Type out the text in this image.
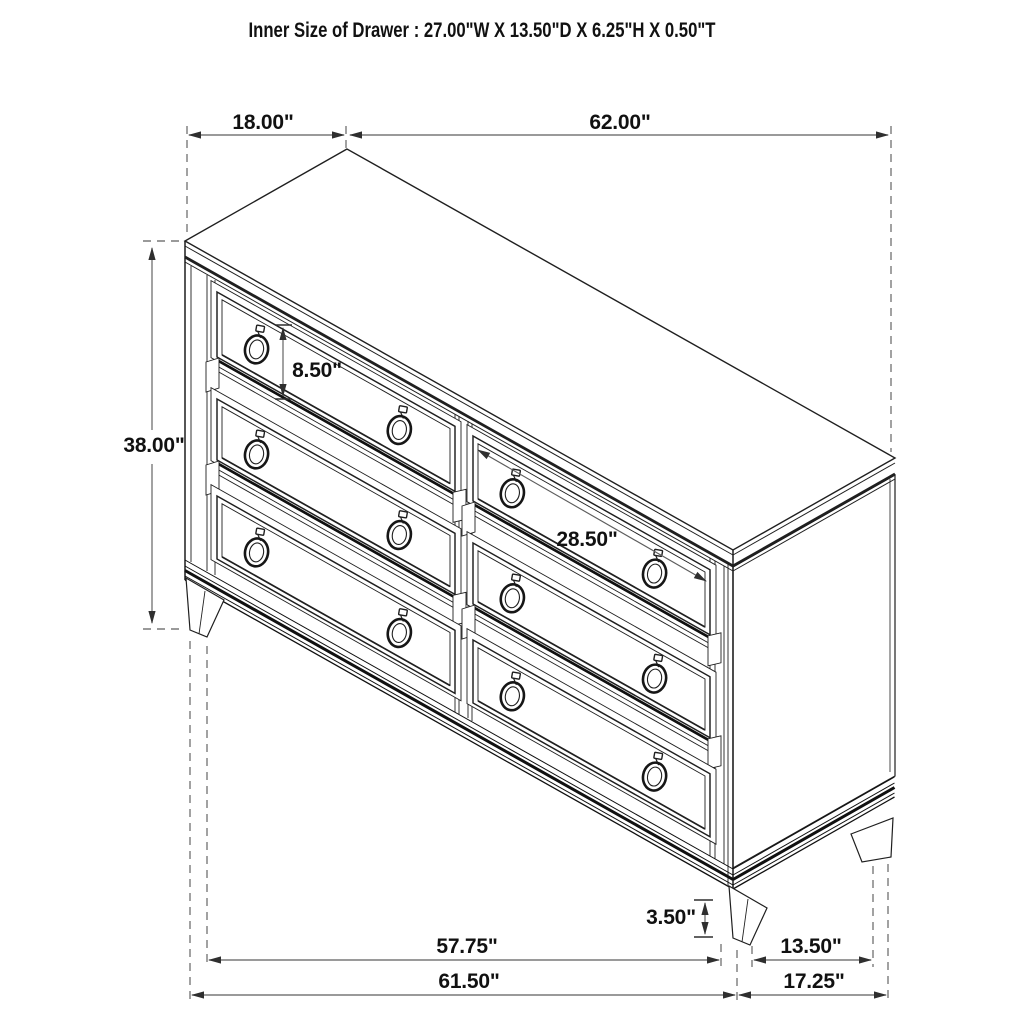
Inner Size of Drawer : 27.00"W X 13.50"D X 6.25"H X 0.50"T
18.00"	62.00"
38.00"
8.50"
28.50"
3.50"
57.75"	13.50"
61.50"	17.25"
